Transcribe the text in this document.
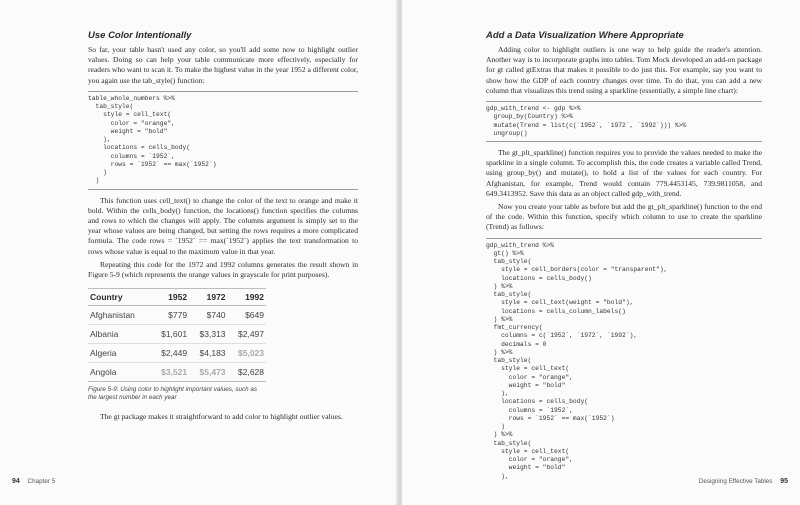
Use Color Intentionally

So far, your table hasn't used any color, so you'll add some now to highlight outlier values. Doing so can help your table communicate more effectively, especially for readers who want to scan it. To make the highest value in the year 1952 a different color, you again use the tab_style() function:

table_whole_numbers %>%
tab_style(
style = cell_text(
color = "orange",
weight = "bold"
),
locations = cells_body(
columns = `1952`,
rows = `1952` == max(`1952`)
)
)

This function uses cell_text() to change the color of the text to orange and make it bold. Within the cells_body() function, the locations() function specifies the columns and rows to which the changes will apply. The columns argument is simply set to the year whose values are being changed, but setting the rows requires a more complicated formula. The code rows = `1952` == max(`1952`) applies the text transformation to rows whose value is equal to the maximum value in that year.

Repeating this code for the 1972 and 1992 columns generates the result shown in Figure 5-9 (which represents the orange values in grayscale for print purposes).

Country	1952	1972	1992
Afghanistan	$779	$740	$649
Albania	$1,601	$3,313	$2,497
Algeria	$2,449	$4,183	$5,023
Angola	$3,521	$5,473	$2,628
Figure 5-9: Using color to highlight important values, such as the largest number in each year

The gt package makes it straightforward to add color to highlight outlier values.

94 Chapter 5
Add a Data Visualization Where Appropriate

Adding color to highlight outliers is one way to help guide the reader's attention. Another way is to incorporate graphs into tables. Tom Mock developed an add-on package for gt called gtExtras that makes it possible to do just this. For example, say you want to show how the GDP of each country changes over time. To do that, you can add a new column that visualizes this trend using a sparkline (essentially, a simple line chart):

gdp_with_trend <- gdp %>%
group_by(Country) %>%
mutate(Trend = list(c(`1952`, `1972`, `1992`))) %>%
ungroup()

The gt_plt_sparkline() function requires you to provide the values needed to make the sparkline in a single column. To accomplish this, the code creates a variable called Trend, using group_by() and mutate(), to hold a list of the values for each country. For Afghanistan, for example, Trend would contain 779.4453145, 739.9811058, and 649.3413952. Save this data as an object called gdp_with_trend.

Now you create your table as before but add the gt_plt_sparkline() function to the end of the code. Within this function, specify which column to use to create the sparkline (Trend) as follows:

gdp_with_trend %>%
gt() %>%
tab_style(
style = cell_borders(color = "transparent"),
locations = cells_body()
) %>%
tab_style(
style = cell_text(weight = "bold"),
locations = cells_column_labels()
) %>%
fmt_currency(
columns = c(`1952`, `1972`, `1992`),
decimals = 0
) %>%
tab_style(
style = cell_text(
color = "orange",
weight = "bold"
),
locations = cells_body(
columns = `1952`,
rows = `1952` == max(`1952`)
)
) %>%
tab_style(
style = cell_text(
color = "orange",
weight = "bold"
),
Designing Effective Tables 95
